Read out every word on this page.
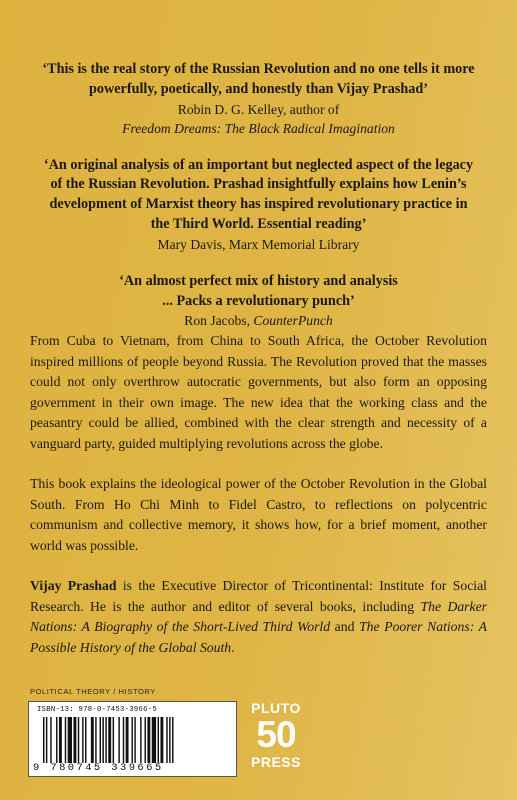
‘This is the real story of the Russian Revolution and no one tells it more
powerfully, poetically, and honestly than Vijay Prashad’

Robin D. G. Kelley, author of
Freedom Dreams: The Black Radical Imagination

‘An original analysis of an important but neglected aspect of the legacy
of the Russian Revolution. Prashad insightfully explains how Lenin’s
development of Marxist theory has inspired revolutionary practice in
the Third World. Essential reading’

Mary Davis, Marx Memorial Library

‘An almost perfect mix of history and analysis
... Packs a revolutionary punch’

Ron Jacobs, CounterPunch

From Cuba to Vietnam, from China to South Africa, the October Revolution inspired millions of people beyond Russia. The Revolution proved that the masses could not only overthrow autocratic governments, but also form an opposing government in their own image. The new idea that the working class and the peasantry could be allied, combined with the clear strength and necessity of a vanguard party, guided multiplying revolutions across the globe.

This book explains the ideological power of the October Revolution in the Global South. From Ho Chi Minh to Fidel Castro, to reflections on polycentric communism and collective memory, it shows how, for a brief moment, another world was possible.

Vijay Prashad is the Executive Director of Tricontinental: Institute for Social Research. He is the author and editor of several books, including The Darker Nations: A Biography of the Short-Lived Third World and The Poorer Nations: A Possible History of the Global South.

POLITICAL THEORY / HISTORY
ISBN-13: 978-0-7453-3966-5
9 780745 339665
PLUTO
50
PRESS
